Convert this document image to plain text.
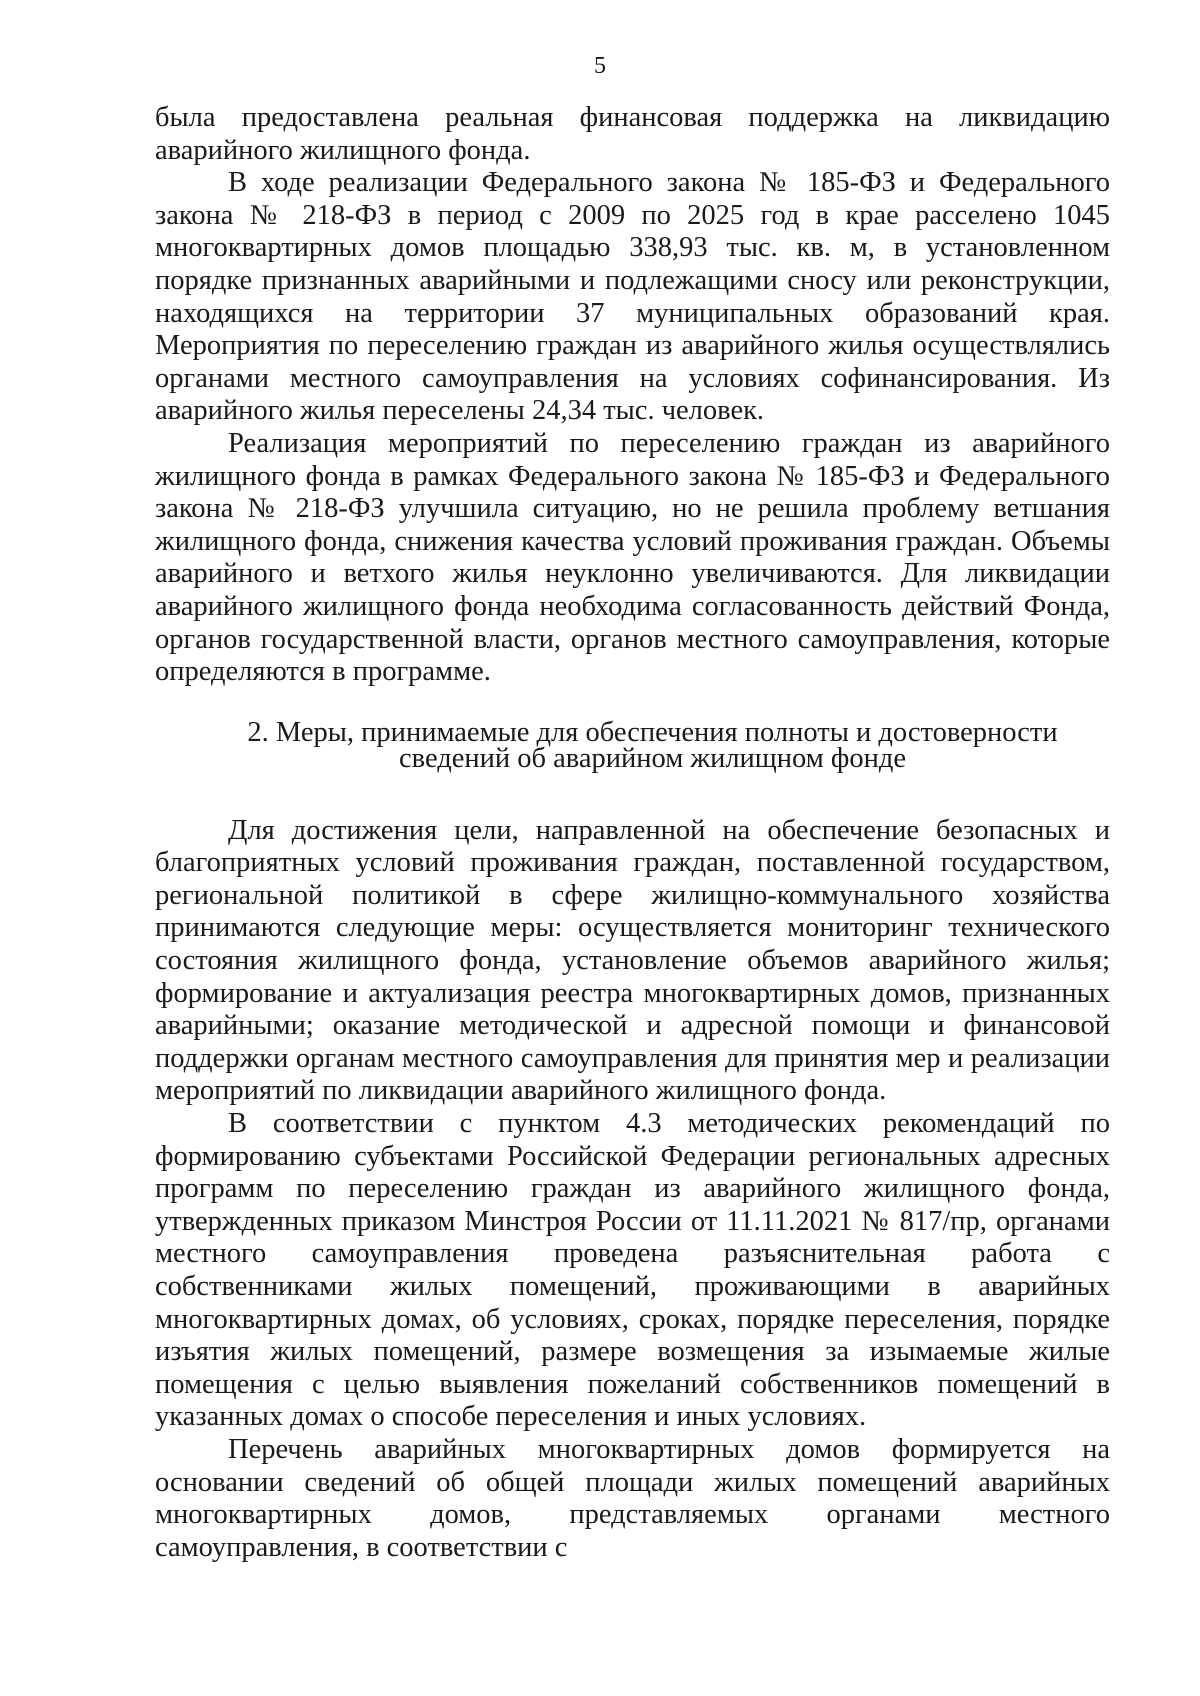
5

была предоставлена реальная финансовая поддержка на ликвидацию аварийного жилищного фонда.

В ходе реализации Федерального закона № 185-ФЗ и Федерального закона № 218-ФЗ в период с 2009 по 2025 год в крае расселено 1045 многоквартирных домов площадью 338,93 тыс. кв. м, в установленном порядке признанных аварийными и подлежащими сносу или реконструкции, находящихся на территории 37 муниципальных образований края. Мероприятия по переселению граждан из аварийного жилья осуществлялись органами местного самоуправления на условиях софинансирования. Из аварийного жилья переселены 24,34 тыс. человек.

Реализация мероприятий по переселению граждан из аварийного жилищного фонда в рамках Федерального закона № 185-ФЗ и Федерального закона № 218-ФЗ улучшила ситуацию, но не решила проблему ветшания жилищного фонда, снижения качества условий проживания граждан. Объемы аварийного и ветхого жилья неуклонно увеличиваются. Для ликвидации аварийного жилищного фонда необходима согласованность действий Фонда, органов государственной власти, органов местного самоуправления, которые определяются в программе.

2. Меры, принимаемые для обеспечения полноты и достоверности
сведений об аварийном жилищном фонде

Для достижения цели, направленной на обеспечение безопасных и благоприятных условий проживания граждан, поставленной государством, региональной политикой в сфере жилищно-коммунального хозяйства принимаются следующие меры: осуществляется мониторинг технического состояния жилищного фонда, установление объемов аварийного жилья; формирование и актуализация реестра многоквартирных домов, признанных аварийными; оказание методической и адресной помощи и финансовой поддержки органам местного самоуправления для принятия мер и реализации мероприятий по ликвидации аварийного жилищного фонда.

В соответствии с пунктом 4.3 методических рекомендаций по формированию субъектами Российской Федерации региональных адресных программ по переселению граждан из аварийного жилищного фонда, утвержденных приказом Минстроя России от 11.11.2021 № 817/пр, органами местного самоуправления проведена разъяснительная работа с собственниками жилых помещений, проживающими в аварийных многоквартирных домах, об условиях, сроках, порядке переселения, порядке изъятия жилых помещений, размере возмещения за изымаемые жилые помещения с целью выявления пожеланий собственников помещений в указанных домах о способе переселения и иных условиях.

Перечень аварийных многоквартирных домов формируется на основании сведений об общей площади жилых помещений аварийных многоквартирных домов, представляемых органами местного самоуправления, в соответствии с
